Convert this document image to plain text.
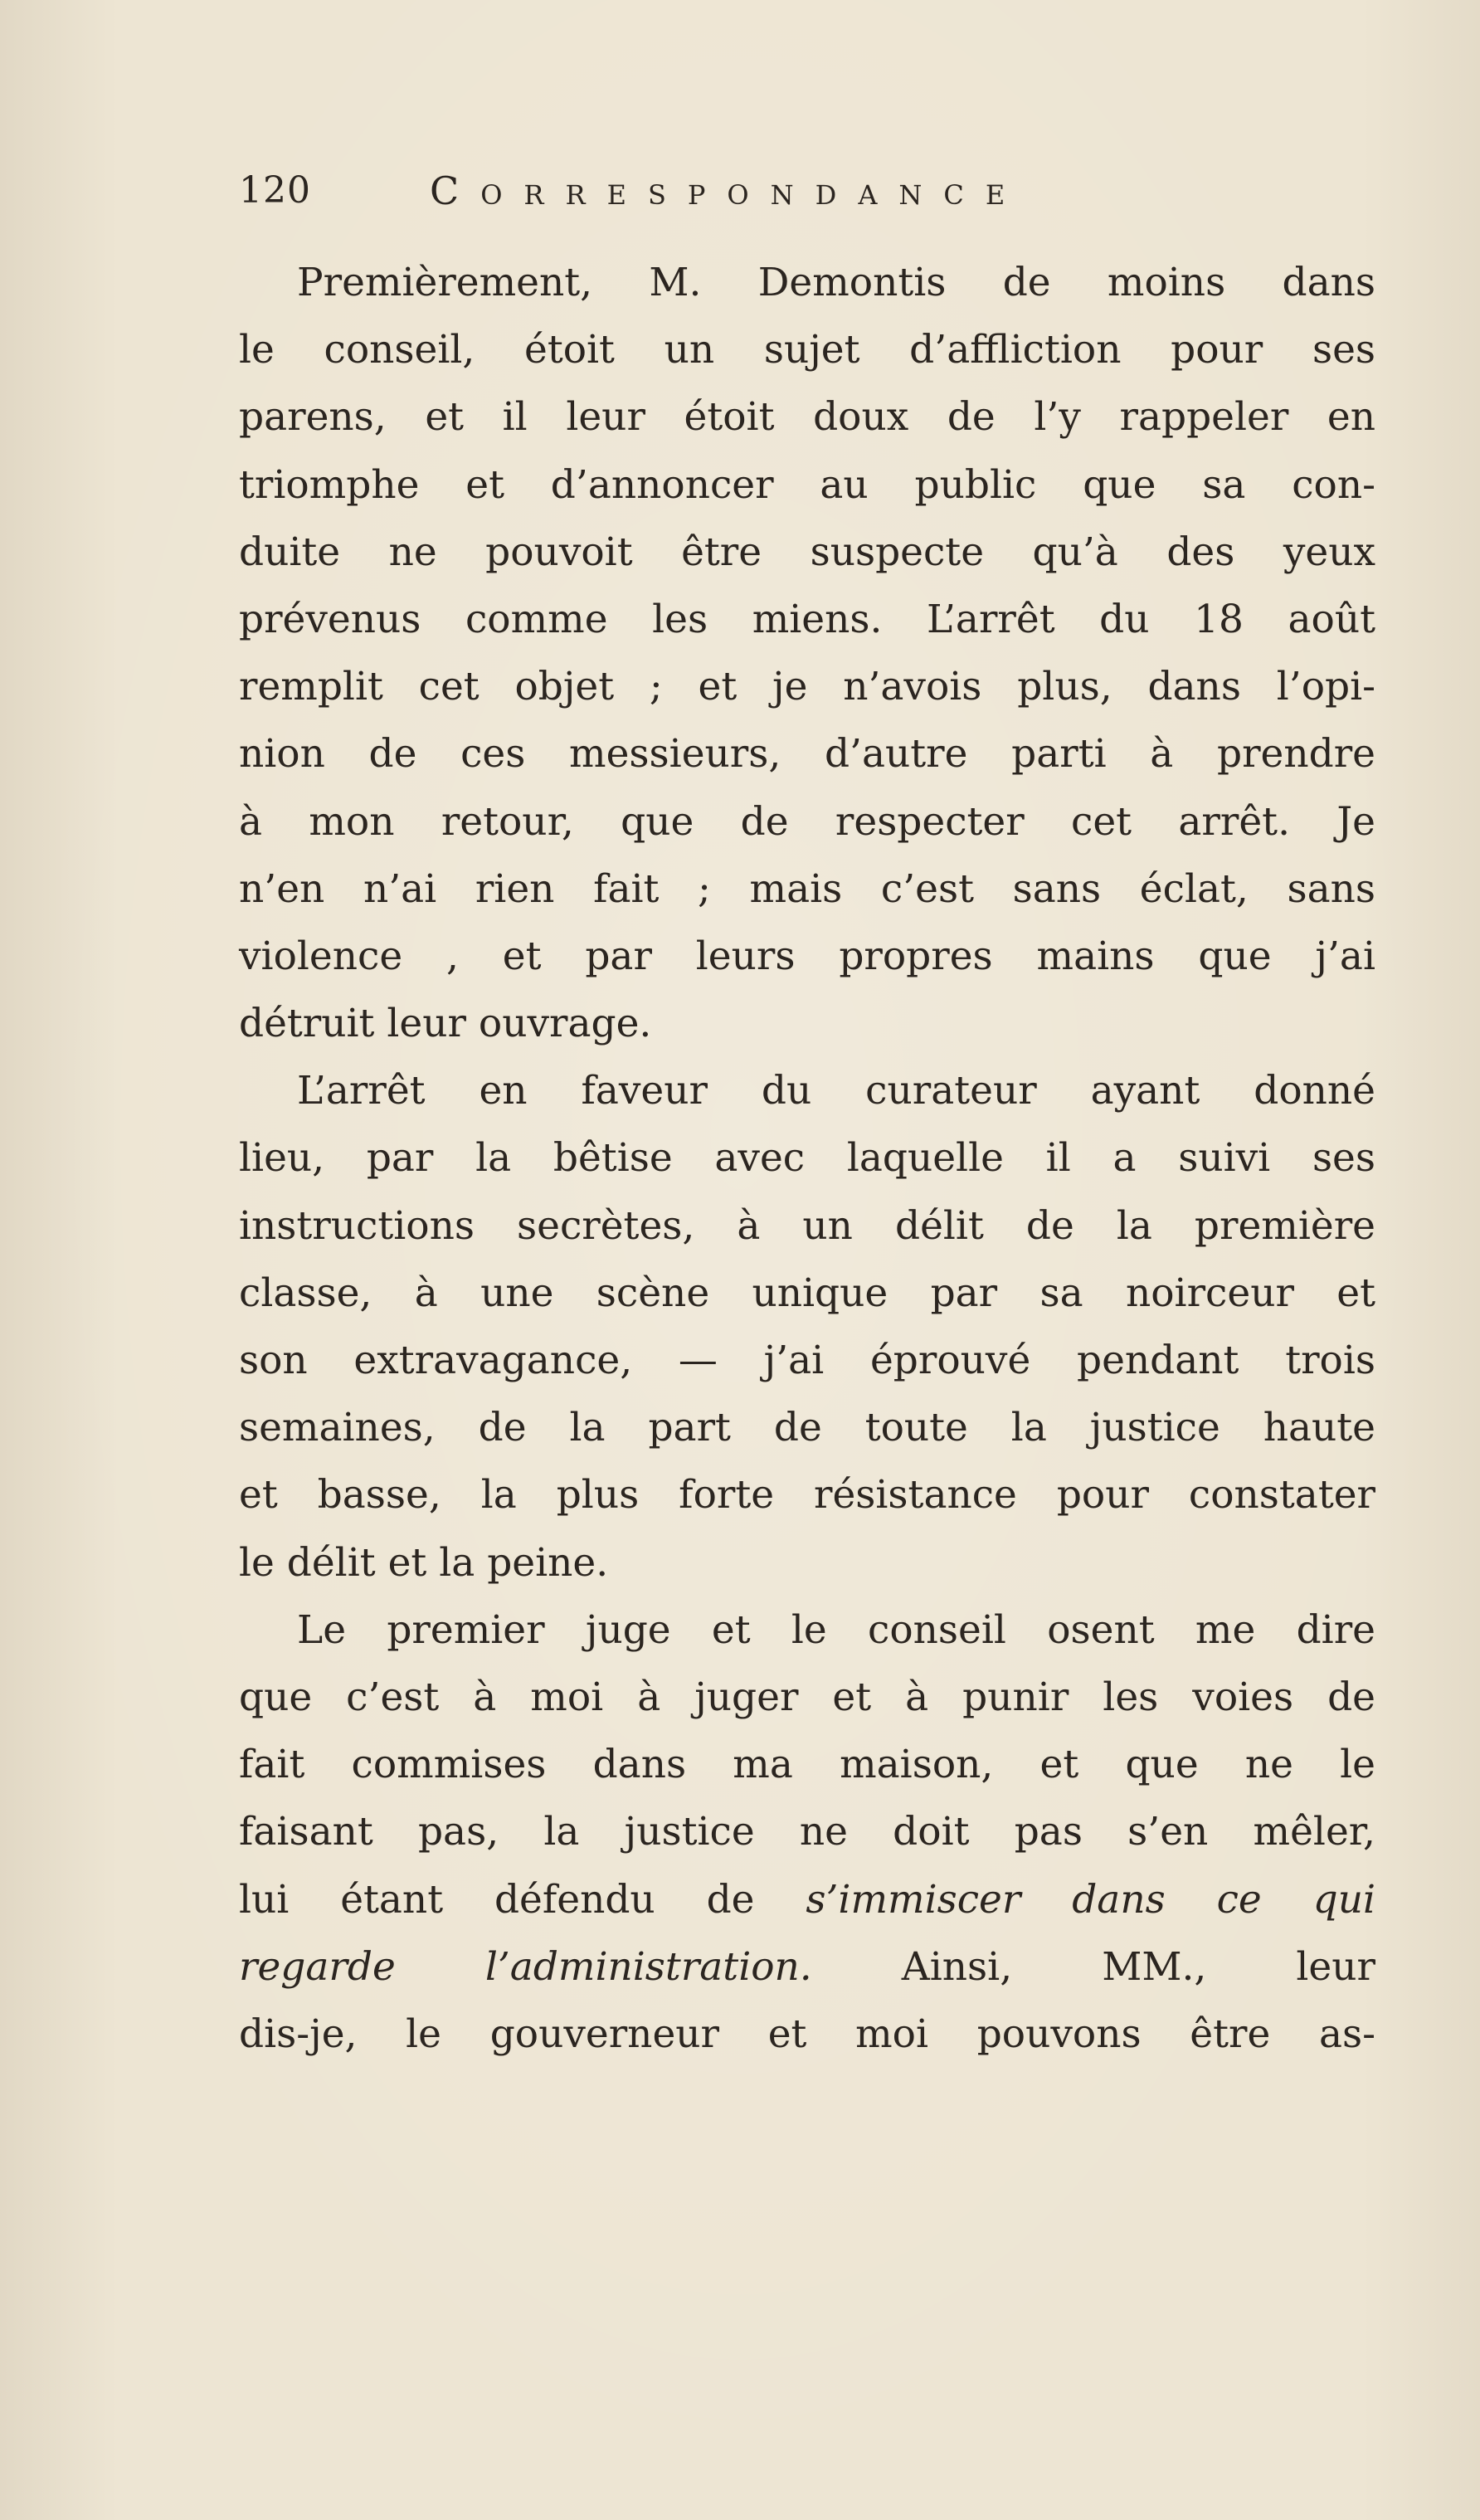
120	Correspondance
Premièrement, M. Demontis de moins dans
le conseil, étoit un sujet d’affliction pour ses
parens, et il leur étoit doux de l’y rappeler en
triomphe et d’annoncer au public que sa con-
duite ne pouvoit être suspecte qu’à des yeux
prévenus comme les miens. L’arrêt du 18 août
remplit cet objet ; et je n’avois plus, dans l’opi-
nion de ces messieurs, d’autre parti à prendre
à mon retour, que de respecter cet arrêt. Je
n’en n’ai rien fait ; mais c’est sans éclat, sans
violence , et par leurs propres mains que j’ai
détruit leur ouvrage.
L’arrêt en faveur du curateur ayant donné
lieu, par la bêtise avec laquelle il a suivi ses
instructions secrètes, à un délit de la première
classe, à une scène unique par sa noirceur et
son extravagance, — j’ai éprouvé pendant trois
semaines, de la part de toute la justice haute
et basse, la plus forte résistance pour constater
le délit et la peine.
Le premier juge et le conseil osent me dire
que c’est à moi à juger et à punir les voies de
fait commises dans ma maison, et que ne le
faisant pas, la justice ne doit pas s’en mêler,
lui étant défendu de s’immiscer dans ce qui
regarde l’administration. Ainsi, MM., leur
dis-je, le gouverneur et moi pouvons être as-
